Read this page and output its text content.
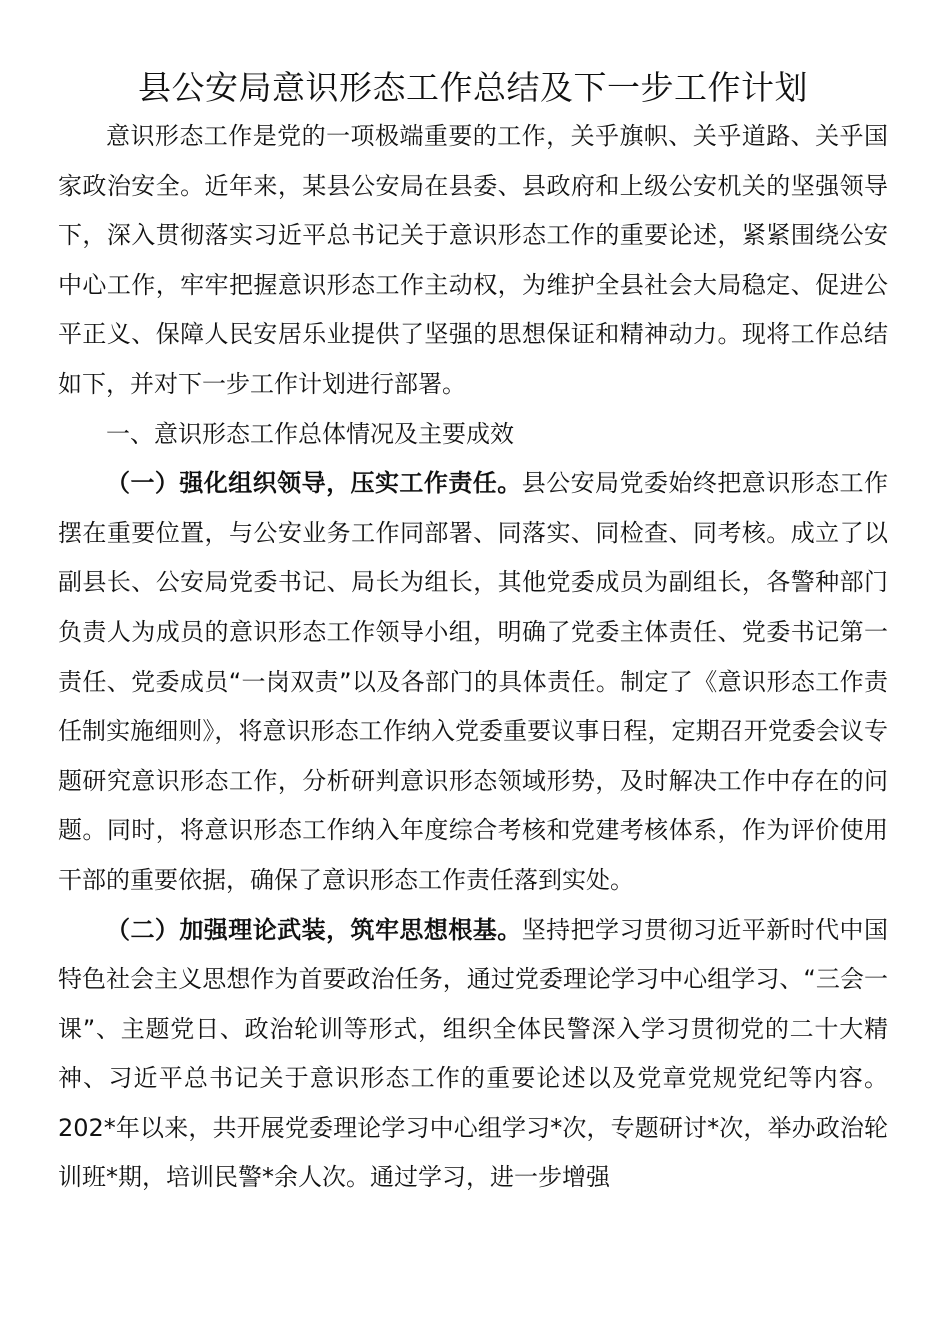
县公安局意识形态工作总结及下一步工作计划

意识形态工作是党的一项极端重要的工作，关乎旗帜、关乎道路、关乎国家政治安全。近年来，某县公安局在县委、县政府和上级公安机关的坚强领导下，深入贯彻落实习近平总书记关于意识形态工作的重要论述，紧紧围绕公安中心工作，牢牢把握意识形态工作主动权，为维护全县社会大局稳定、促进公平正义、保障人民安居乐业提供了坚强的思想保证和精神动力。现将工作总结如下，并对下一步工作计划进行部署。

一、意识形态工作总体情况及主要成效

（一）强化组织领导，压实工作责任。县公安局党委始终把意识形态工作摆在重要位置，与公安业务工作同部署、同落实、同检查、同考核。成立了以副县长、公安局党委书记、局长为组长，其他党委成员为副组长，各警种部门负责人为成员的意识形态工作领导小组，明确了党委主体责任、党委书记第一责任、党委成员“一岗双责”以及各部门的具体责任。制定了《意识形态工作责任制实施细则》，将意识形态工作纳入党委重要议事日程，定期召开党委会议专题研究意识形态工作，分析研判意识形态领域形势，及时解决工作中存在的问题。同时，将意识形态工作纳入年度综合考核和党建考核体系，作为评价使用干部的重要依据，确保了意识形态工作责任落到实处。

（二）加强理论武装，筑牢思想根基。坚持把学习贯彻习近平新时代中国特色社会主义思想作为首要政治任务，通过党委理论学习中心组学习、“三会一课”、主题党日、政治轮训等形式，组织全体民警深入学习贯彻党的二十大精神、习近平总书记关于意识形态工作的重要论述以及党章党规党纪等内容。202*年以来，共开展党委理论学习中心组学习*次，专题研讨*次，举办政治轮训班*期，培训民警*余人次。通过学习，进一步增强
